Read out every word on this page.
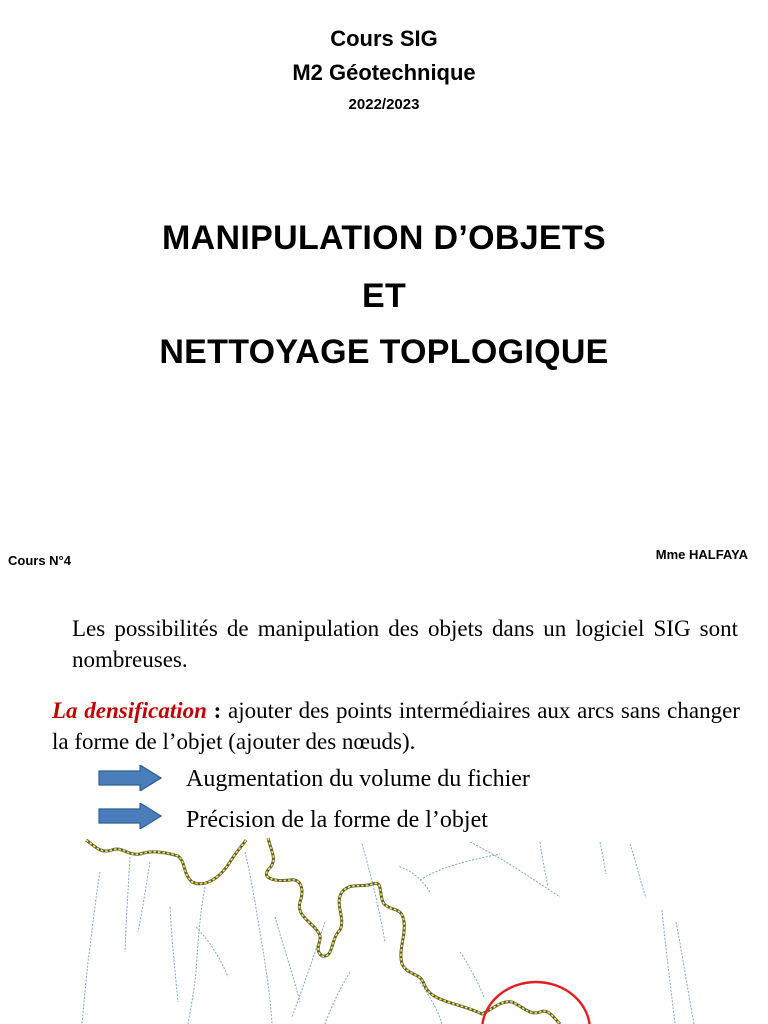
Cours SIG
M2 Géotechnique
2022/2023
MANIPULATION D’OBJETS
ET
NETTOYAGE TOPLOGIQUE
Cours N°4	Mme HALFAYA
Les possibilités de manipulation des objets dans un logiciel SIG sont nombreuses.
La densification : ajouter des points intermédiaires aux arcs sans changer la forme de l’objet (ajouter des nœuds).
Augmentation du volume du fichier
Précision de la forme de l’objet
